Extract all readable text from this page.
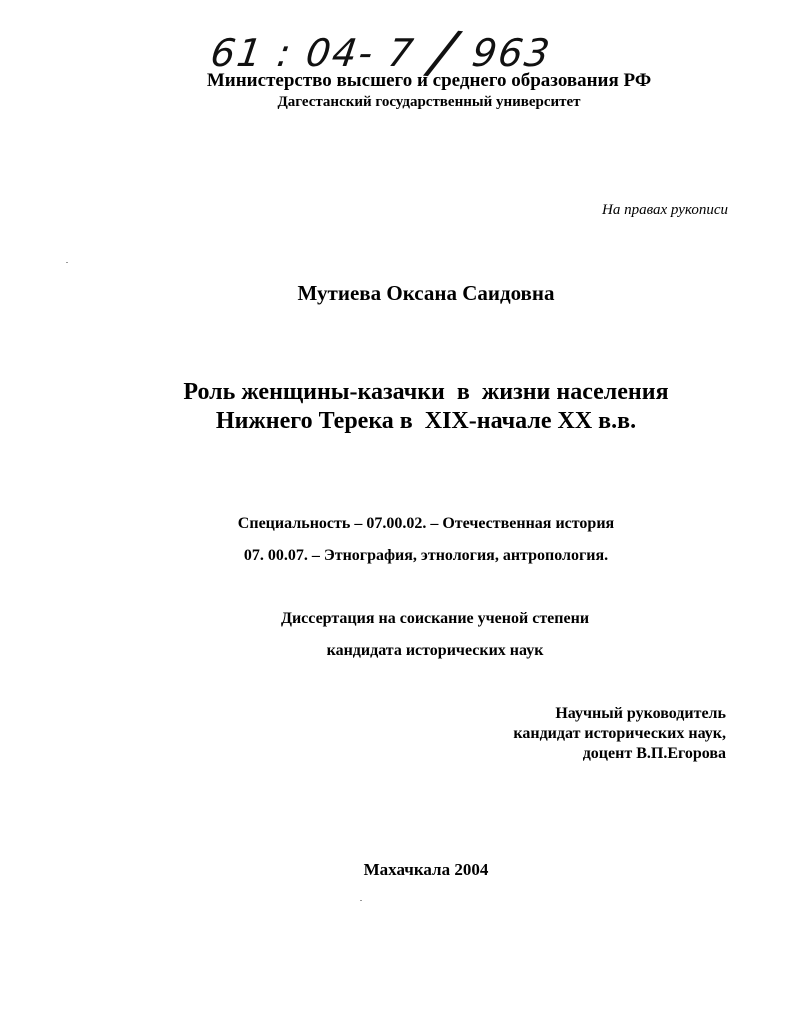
61 : 04- 7 / 963
Министерство высшего и среднего образования РФ
Дагестанский государственный университет
На правах рукописи
Мутиева Оксана Саидовна
Роль женщины-казачки  в  жизни населения
Нижнего Терека в  XIX-начале XX в.в.
Специальность – 07.00.02. – Отечественная история
07. 00.07. – Этнография, этнология, антропология.
Диссертация на соискание ученой степени
кандидата исторических наук
Научный руководитель
кандидат исторических наук,
доцент В.П.Егорова
Махачкала 2004
